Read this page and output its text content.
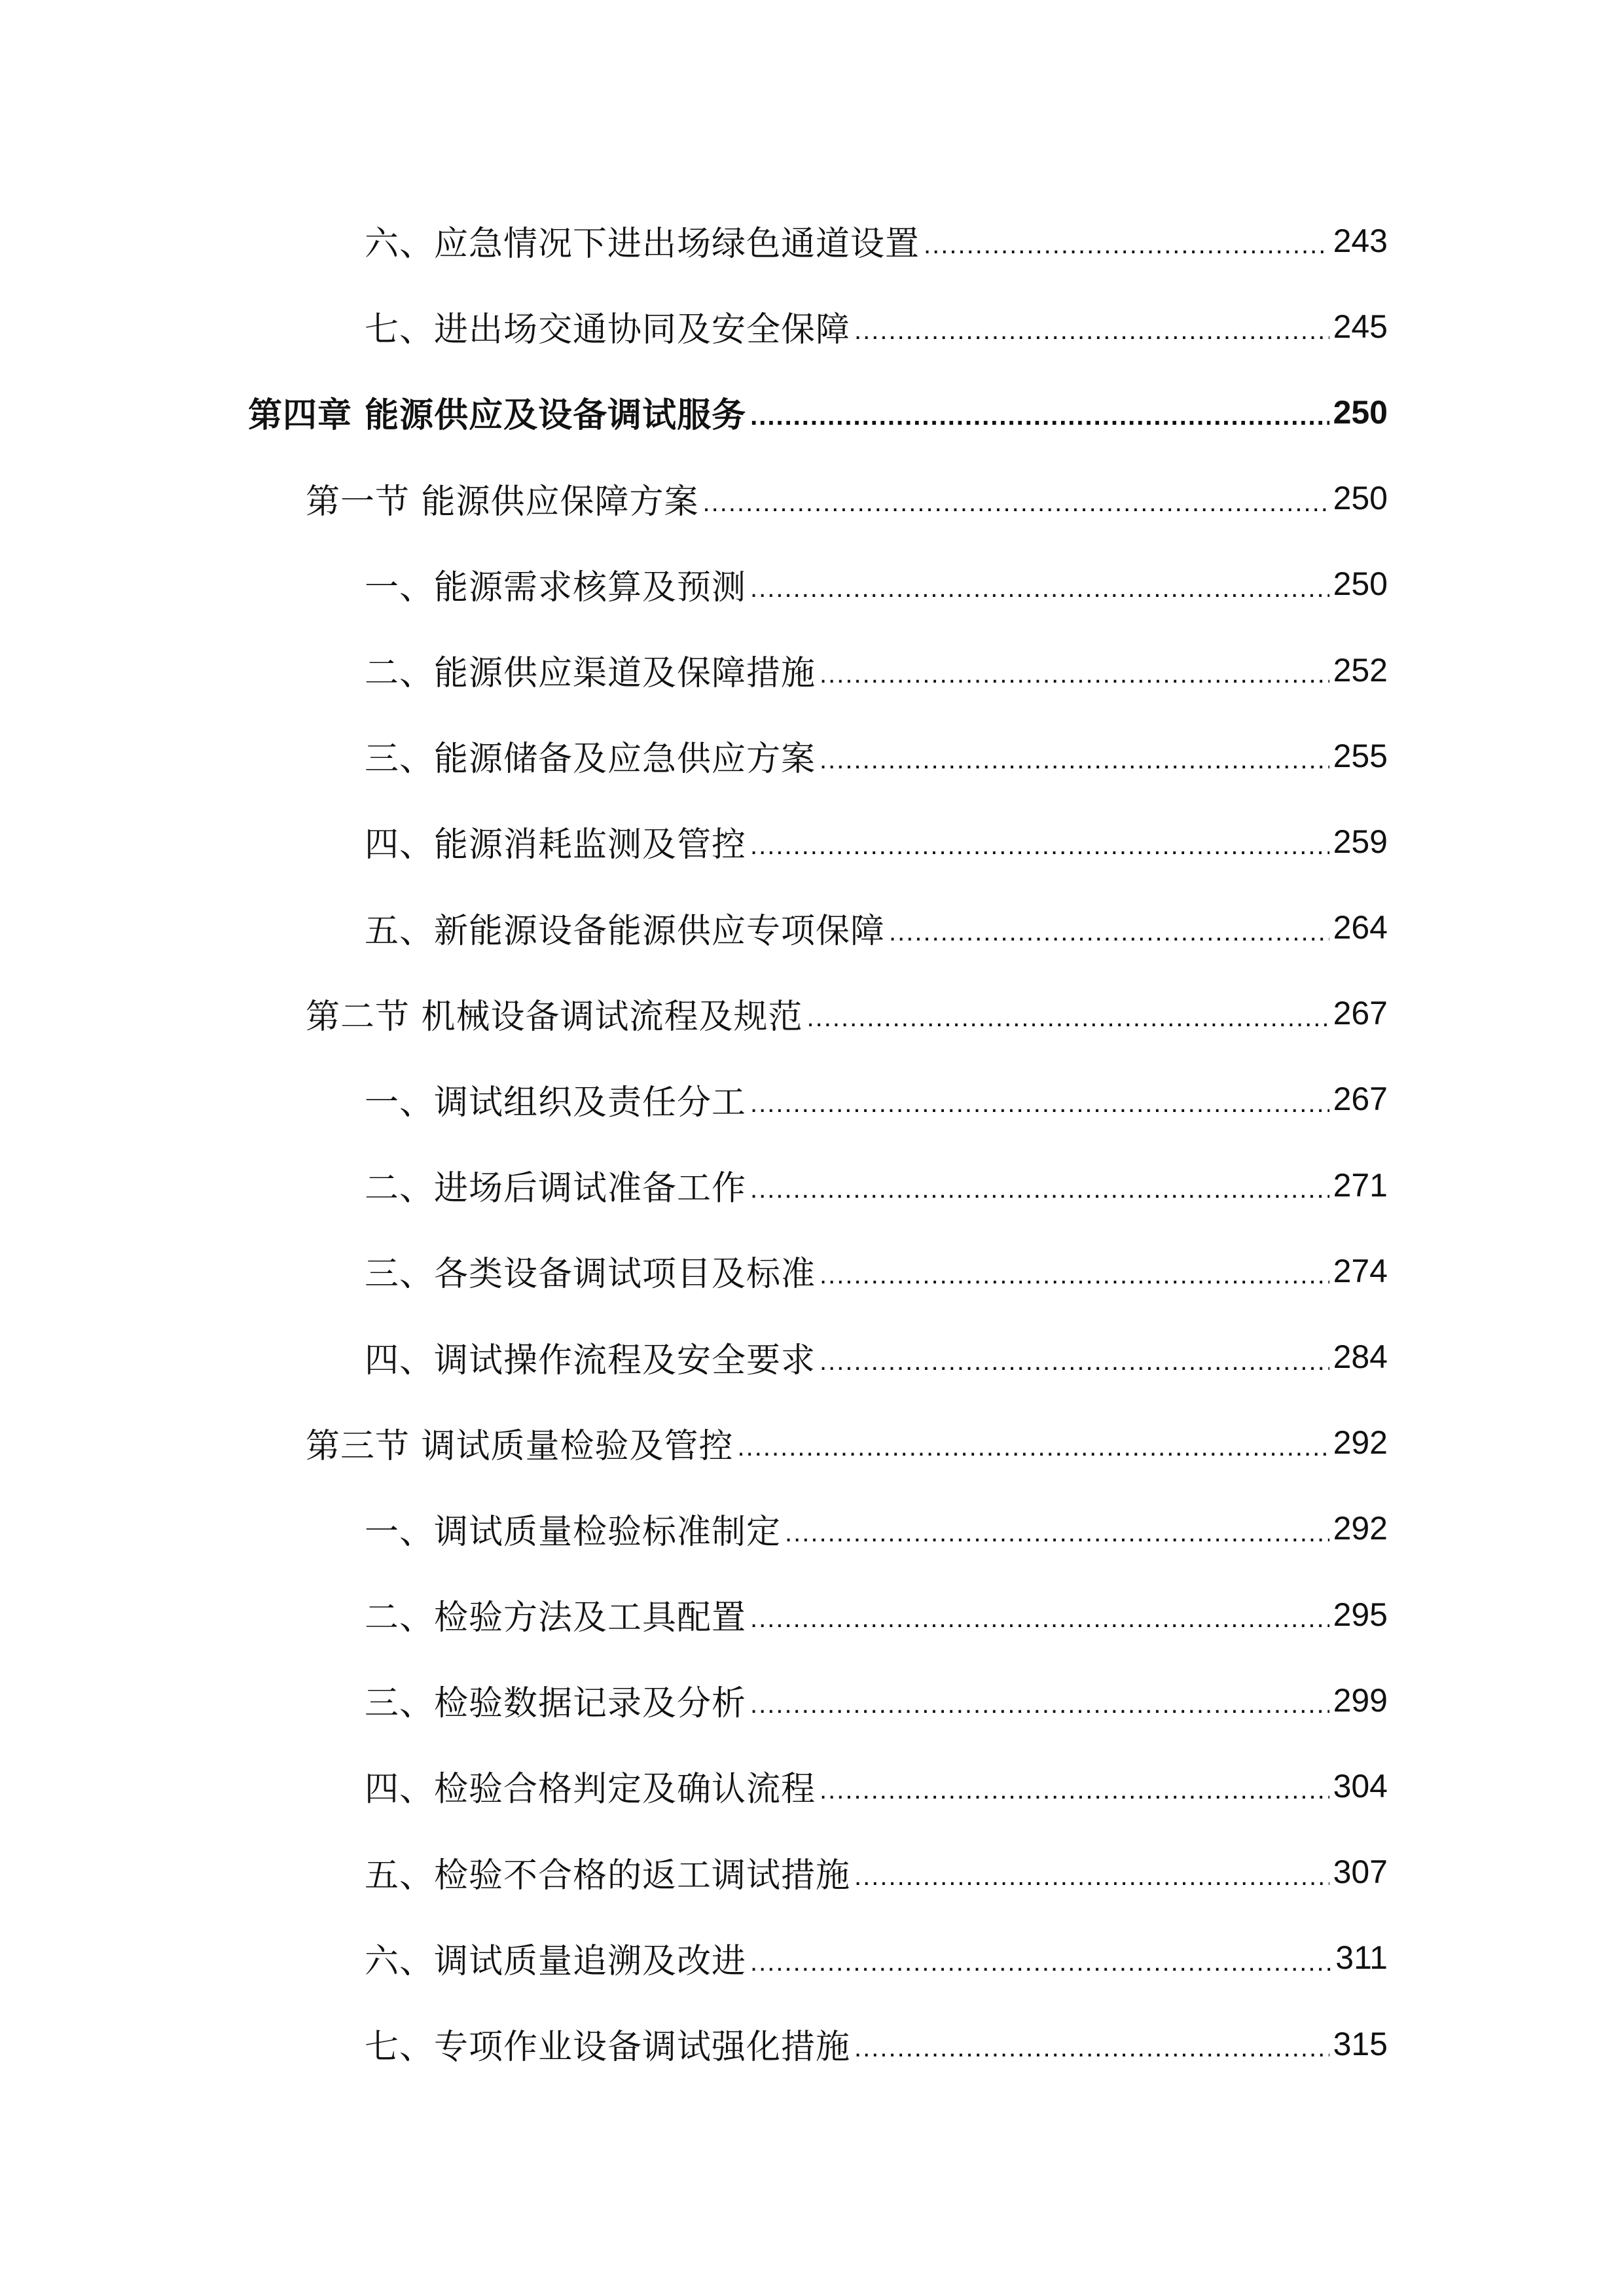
六、应急情况下进出场绿色通道设置 .....	243
七、进出场交通协同及安全保障 .....	245
第四章 能源供应及设备调试服务 .....	250
第一节 能源供应保障方案 .....	250
一、能源需求核算及预测 .....	250
二、能源供应渠道及保障措施 .....	252
三、能源储备及应急供应方案 .....	255
四、能源消耗监测及管控 .....	259
五、新能源设备能源供应专项保障 .....	264
第二节 机械设备调试流程及规范 .....	267
一、调试组织及责任分工 .....	267
二、进场后调试准备工作 .....	271
三、各类设备调试项目及标准 .....	274
四、调试操作流程及安全要求 .....	284
第三节 调试质量检验及管控 .....	292
一、调试质量检验标准制定 .....	292
二、检验方法及工具配置 .....	295
三、检验数据记录及分析 .....	299
四、检验合格判定及确认流程 .....	304
五、检验不合格的返工调试措施 .....	307
六、调试质量追溯及改进 .....	311
七、专项作业设备调试强化措施 .....	315
